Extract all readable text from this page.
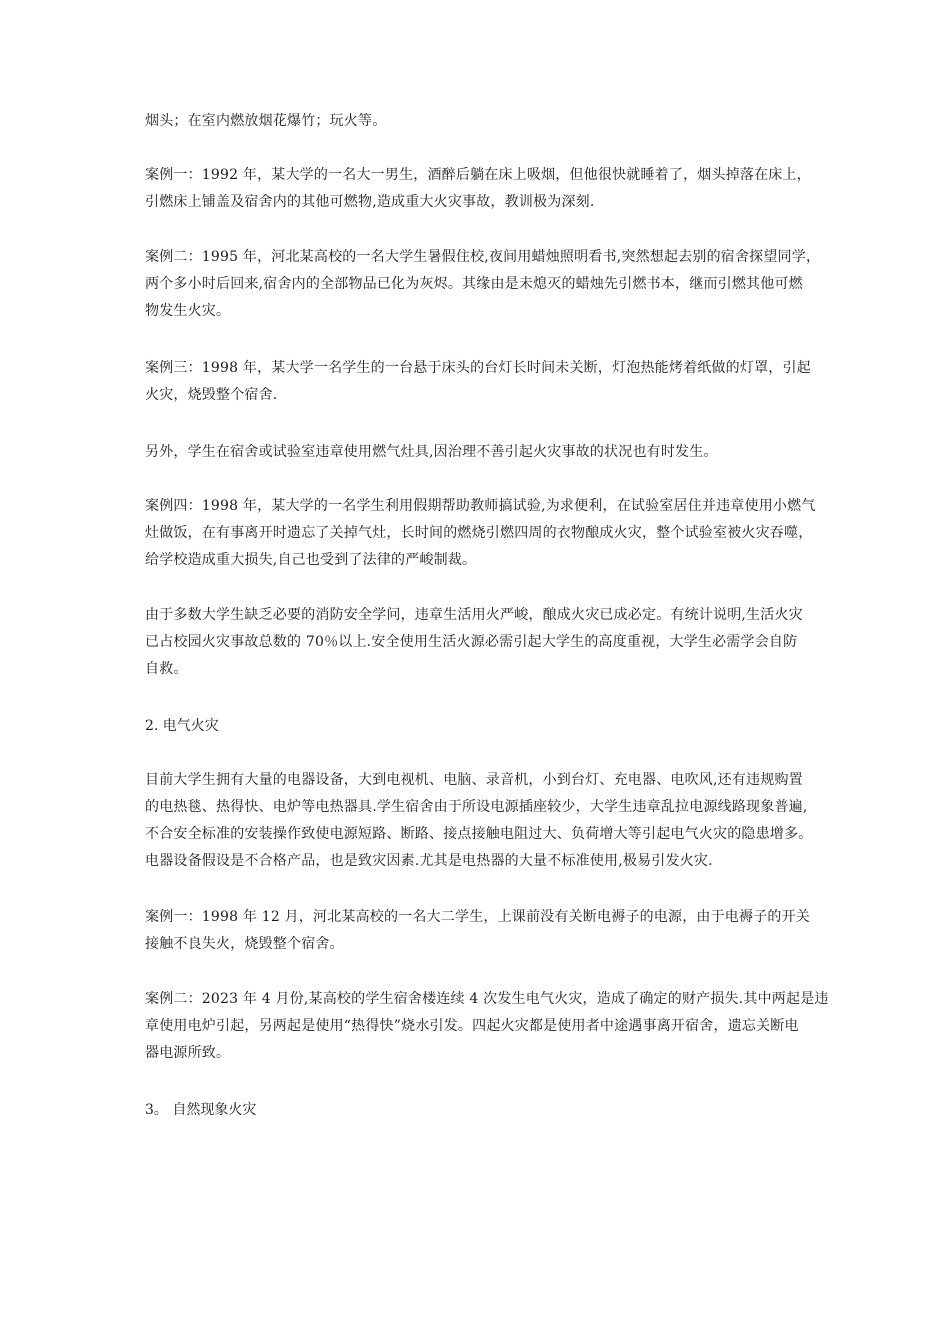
烟头；在室内燃放烟花爆竹；玩火等。

案例一：1992 年，某大学的一名大一男生，酒醉后躺在床上吸烟，但他很快就睡着了，烟头掉落在床上，
引燃床上铺盖及宿舍内的其他可燃物,造成重大火灾事故，教训极为深刻.

案例二：1995 年，河北某高校的一名大学生暑假住校,夜间用蜡烛照明看书,突然想起去别的宿舍探望同学，
两个多小时后回来,宿舍内的全部物品已化为灰烬。其缘由是未熄灭的蜡烛先引燃书本，继而引燃其他可燃
物发生火灾。

案例三：1998 年，某大学一名学生的一台悬于床头的台灯长时间未关断，灯泡热能烤着纸做的灯罩，引起
火灾，烧毁整个宿舍.

另外，学生在宿舍或试验室违章使用燃气灶具,因治理不善引起火灾事故的状况也有时发生。

案例四：1998 年，某大学的一名学生利用假期帮助教师搞试验,为求便利，在试验室居住并违章使用小燃气
灶做饭，在有事离开时遗忘了关掉气灶，长时间的燃烧引燃四周的衣物酿成火灾，整个试验室被火灾吞噬，
给学校造成重大损失,自己也受到了法律的严峻制裁。

由于多数大学生缺乏必要的消防安全学问，违章生活用火严峻，酿成火灾已成必定。有统计说明,生活火灾
已占校园火灾事故总数的 70％以上.安全使用生活火源必需引起大学生的高度重视，大学生必需学会自防
自救。

2. 电气火灾

目前大学生拥有大量的电器设备，大到电视机、电脑、录音机，小到台灯、充电器、电吹风,还有违规购置
的电热毯、热得快、电炉等电热器具.学生宿舍由于所设电源插座较少，大学生违章乱拉电源线路现象普遍,
不合安全标准的安装操作致使电源短路、断路、接点接触电阻过大、负荷增大等引起电气火灾的隐患增多。
电器设备假设是不合格产品，也是致灾因素.尤其是电热器的大量不标准使用,极易引发火灾.

案例一：1998 年 12 月，河北某高校的一名大二学生，上课前没有关断电褥子的电源，由于电褥子的开关
接触不良失火，烧毁整个宿舍。

案例二：2023 年 4 月份,某高校的学生宿舍楼连续 4 次发生电气火灾，造成了确定的财产损失.其中两起是违
章使用电炉引起，另两起是使用“热得快”烧水引发。四起火灾都是使用者中途遇事离开宿舍，遗忘关断电
器电源所致。

3。 自然现象火灾
